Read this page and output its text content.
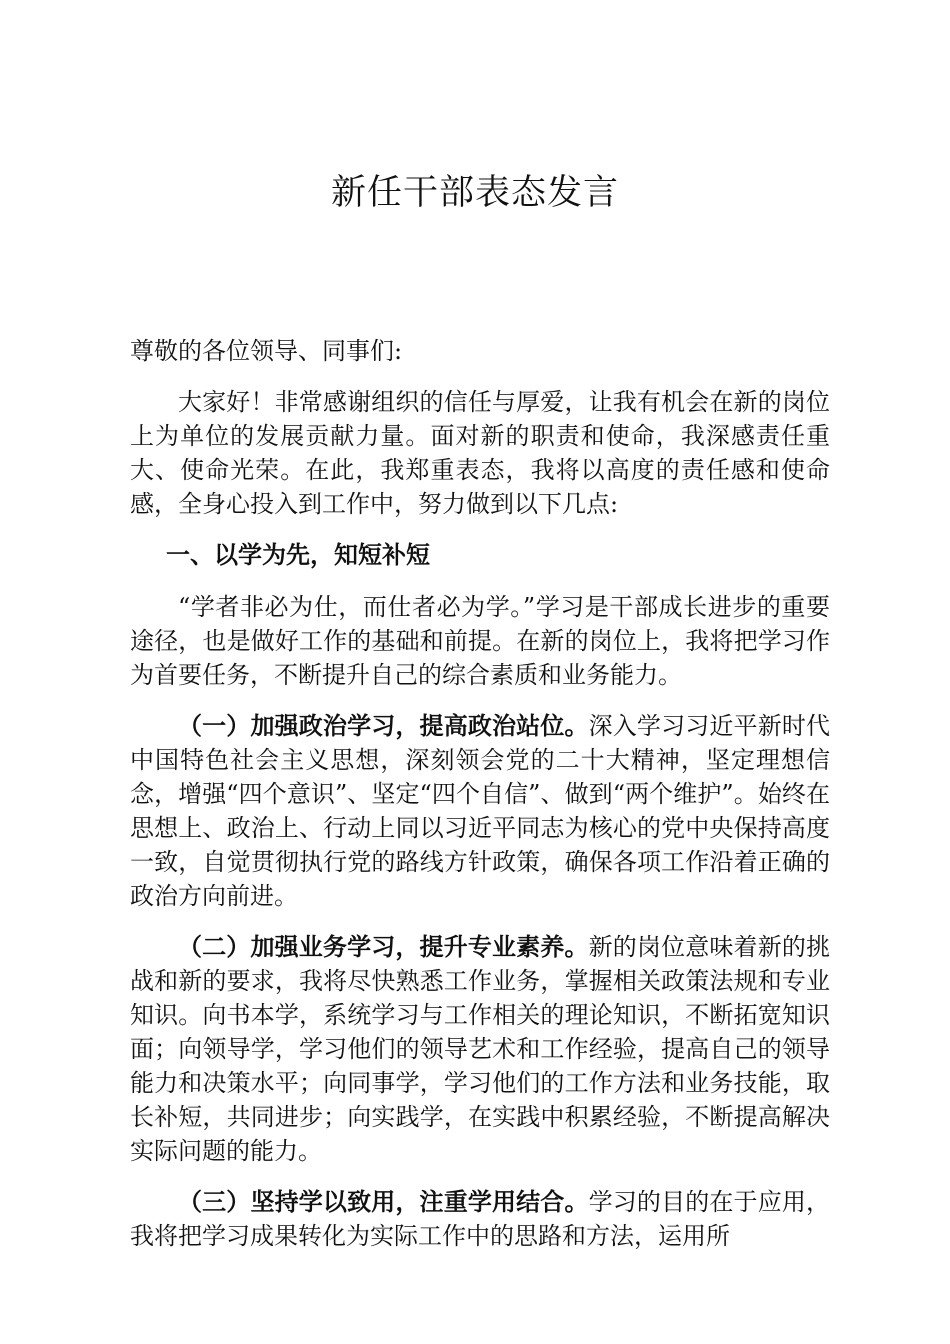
新任干部表态发言

尊敬的各位领导、同事们:

大家好！非常感谢组织的信任与厚爱，让我有机会在新的岗位上为单位的发展贡献力量。面对新的职责和使命，我深感责任重大、使命光荣。在此，我郑重表态，我将以高度的责任感和使命感，全身心投入到工作中，努力做到以下几点:

一、以学为先，知短补短

“学者非必为仕，而仕者必为学。”学习是干部成长进步的重要途径，也是做好工作的基础和前提。在新的岗位上，我将把学习作为首要任务，不断提升自己的综合素质和业务能力。

（一）加强政治学习，提高政治站位。深入学习习近平新时代中国特色社会主义思想，深刻领会党的二十大精神，坚定理想信念，增强“四个意识”、坚定“四个自信”、做到“两个维护”。始终在思想上、政治上、行动上同以习近平同志为核心的党中央保持高度一致，自觉贯彻执行党的路线方针政策，确保各项工作沿着正确的政治方向前进。

（二）加强业务学习，提升专业素养。新的岗位意味着新的挑战和新的要求，我将尽快熟悉工作业务，掌握相关政策法规和专业知识。向书本学，系统学习与工作相关的理论知识，不断拓宽知识面；向领导学，学习他们的领导艺术和工作经验，提高自己的领导能力和决策水平；向同事学，学习他们的工作方法和业务技能，取长补短，共同进步；向实践学，在实践中积累经验，不断提高解决实际问题的能力。

（三）坚持学以致用，注重学用结合。学习的目的在于应用，我将把学习成果转化为实际工作中的思路和方法，运用所
